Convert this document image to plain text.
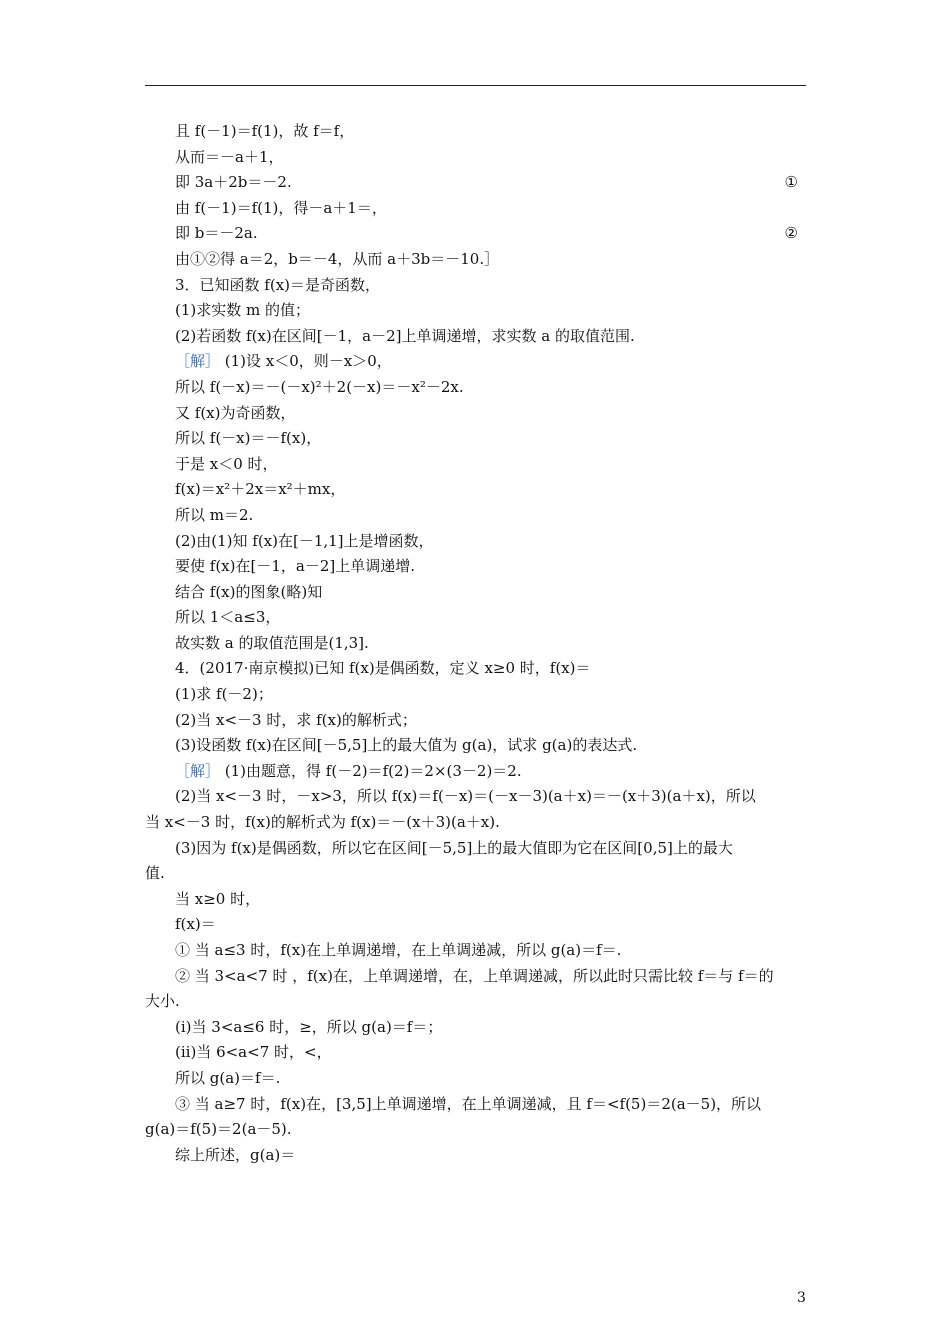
且 f(－1)＝f(1)，故 f＝f，
从而＝－a＋1，
即 3a＋2b＝－2.	①
由 f(－1)＝f(1)，得－a＋1＝，
即 b＝－2a.	②
由①②得 a＝2，b＝－4，从而 a＋3b＝－10.］
3．已知函数 f(x)＝是奇函数，
(1)求实数 m 的值；
(2)若函数 f(x)在区间[－1，a－2]上单调递增，求实数 a 的取值范围.
［解］ (1)设 x＜0，则－x＞0，
所以 f(－x)＝－(－x)²＋2(－x)＝－x²－2x.
又 f(x)为奇函数，
所以 f(－x)＝－f(x)，
于是 x＜0 时，
f(x)＝x²＋2x＝x²＋mx，
所以 m＝2.
(2)由(1)知 f(x)在[－1,1]上是增函数，
要使 f(x)在[－1，a－2]上单调递增.
结合 f(x)的图象(略)知
所以 1＜a≤3，
故实数 a 的取值范围是(1,3].
4．(2017·南京模拟)已知 f(x)是偶函数，定义 x≥0 时，f(x)＝
(1)求 f(－2)；
(2)当 x<－3 时，求 f(x)的解析式；
(3)设函数 f(x)在区间[－5,5]上的最大值为 g(a)，试求 g(a)的表达式.
［解］ (1)由题意，得 f(－2)＝f(2)＝2×(3－2)＝2.
(2)当 x<－3 时，－x>3，所以 f(x)＝f(－x)＝(－x－3)(a＋x)＝－(x＋3)(a＋x)，所以
当 x<－3 时，f(x)的解析式为 f(x)＝－(x＋3)(a＋x).
(3)因为 f(x)是偶函数，所以它在区间[－5,5]上的最大值即为它在区间[0,5]上的最大
值.
当 x≥0 时，
f(x)＝
① 当 a≤3 时，f(x)在上单调递增，在上单调递减，所以 g(a)＝f＝.
② 当 3<a<7 时 ，f(x)在，上单调递增，在，上单调递减，所以此时只需比较 f＝与 f＝的
大小.
(ⅰ)当 3<a≤6 时，≥，所以 g(a)＝f＝；
(ⅱ)当 6<a<7 时，<，
所以 g(a)＝f＝.
③ 当 a≥7 时，f(x)在，[3,5]上单调递增，在上单调递减，且 f＝<f(5)＝2(a－5)，所以
g(a)＝f(5)＝2(a－5).
综上所述，g(a)＝
3
